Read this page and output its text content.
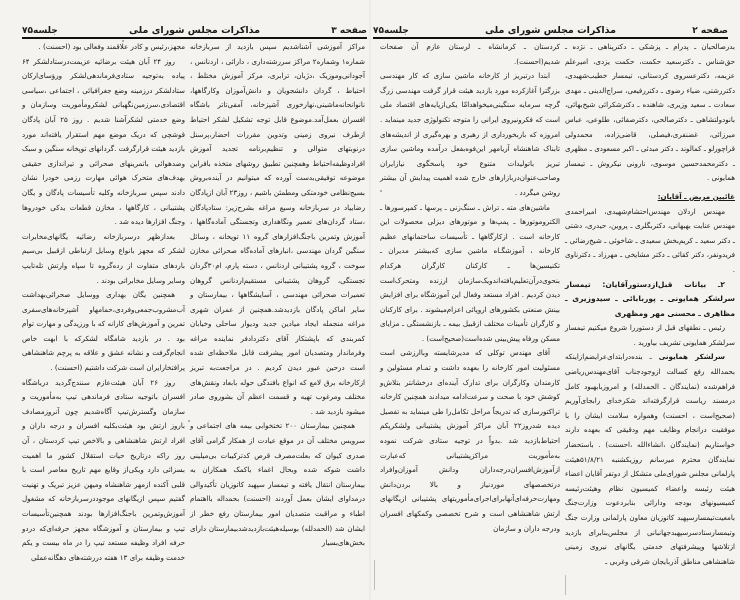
صفحه ۳
مذاکرات مجلس شورای ملی
جلسه۷۵

مراکز آموزشی آشناشدیم سپس بازدید از سربازخانه شماره۱ وشماره۲ مراکز سررشته‌داری ، دارائی ، اردنانس ، آجودانی‌وموزیک ،دژبان، ترابری، مرکز آموزش مختلط ، احتیاط ، گردان دانشجویان و دانش‌آموزان وکارگاهها، نانوانحانه‌ماشینی،نهارخوری آشپزخانه، آمفی‌تاتر باشگاه افسران بعمل‌آمد.موضوع قابل توجه تشکیل لشکر احتیاط ازطرف نیروی زمینی وتدوین مقررات احضار،پرسنل درنوبتهای متوالی و تنظیم‌برنامه تجدید آموزش افرادوظیفه‌احتیاط وهمچنین تطبیق روشهای متخذه بافراین موضوعه توفیقی‌بدست آورده که میتوانیم در آینده‌بروش بسیج‌نظامی خودمتکی ومطمئن باشیم ، روز۲۳ آبان ازپادگان رضاییاد در سربازخانه وسیع مراغه بشرح‌زیر: ستادپادگان ،ستاد گردان‌های تعمیر ونگاهداری وتجستگی آماده‌گاهها ، آموزش وتمرین باجنگ‌افزارهای گروه ۱۱ توپخانه ، وسائل سنگین گردان مهندسی ،انبارهای آماده‌گاه صحرائی مخازن سوخت ، گروه پشتیبانی اردنانس ، دسته پارم، ام۳۰گردان تجستگی، گروهان پشتیبانی مستقیم‌اردنانس گروهان تعمیرات صحرائی مهندسی ، آسایشگاهها ، بیمارستان و سایر اماکن پادگان بازدیدشد.همچنین از عمران شهری مراغه منجمله ایجاد میادین جدید ودیوار ساحلی وخیابان کمربندی که باپشتکار آقای دکتردادفر نماینده مراغه وفرماندار ومتصدیان امور پیشرفت قابل ملاحظه‌ای شده است درحین عبور دیدن کردیم . در مراجعت‌به تبریز ازکارخانه برق لامع که انواع بافندگی حوله بابعاد ونقش‌های مختلف ومرغوب تهیه و قسمت اعظم آن بشوروی صادر میشود بازدید شد .

همچنین بیمارستان ۲۰۰ تختخوابی بیمه های اجتماعی و سرویس مختلف آن در موقع عیادت از همکار گرامی آقای صدری کیوان که بعلت‌مصرف قرص کدترکیبات بی‌میلینی داشت شوکه شده وبحال اغماء باکمک همکاران به بیمارستان انتقال یافته و تیمسار سپهبد کاتوزیان تأکیدوالی درمداوای ایشان بعمل آوردند (احسنت) بحمداله بااهتمام اطباء و مراقبت متصدیان امور بیمارستان رفع خطر از ایشان شد (الحمدلله) بوسیله‌هیئت‌بازدیدشدبیمارستان دارای بخش‌های‌بسیار

مجهز،رئیس و کادر علاقمند وفعالی بود (احسنت) .

روز ۲۴ آبان هیئت برضائیه عزیمت‌درستادلشکر ۶۴ پیاده بەتوجیه ستادی‌فرماندهی‌لشکر ورؤسای‌ارکان ستادلشکر درزمینه وضع جغرافیائی ، اجتماعی ،سیاسی اقتصادی،سرزمین‌نگهبانی لشکرومأموریت وسازمان و وضع خدمتی لشکرآشنا شدیم . روز ۲۵ آبان پادگان قوشچی که دریک موضع مهم استقرار یافته‌اند مورد بازدید هیئت قرارگرفت .گردانهای توپخانه سنگین و سبک وضدهوائی باتمرینهای صحرائی و تیراندازی حقیقی بهدف‌های متحرک هوائی مهارت رزمی خودرا نشان دادند سپس سربازخانه وکلیه تأسیسات پادگان و یگان پشتیبانی ، کارگاهها ، مخازن قطعات یدکی خودروها وجنگ افزارها دیده شد .

بعدازظهر درسربازخانه رضائیه یگانهای‌مخابرات لشکر که مجهز بانواع وسایل ارتباطی ازقبیل بی‌سیم باردهای متفاوت از رده‌گروه تا سپاه وارتش تله‌تایپ وسایر وسایل مخابراتی بودند .

همچنین یگان بهداری ووسایل صحرائی‌بهداشت آب‌مشروب‌جمعی‌وفردی،حمامهاو آشپزخانه‌های‌سفری تمرین و آموزش‌های کارانه که با ورزیدگی و مهارت توأم بود . در بازدید شامگاه لشکرکه با ابهت خاص انجام‌گرفت و نشانه عشق و علاقه به پرچم شاهنشاهی پرافتخارایران است شرکت داشتیم (احسنت) .

روز ۲۶ آبان هیئت‌عازم سنندج‌گردید دریاشگاه افسران باتوجیه ستادی فرماندهی تیپ بەمأموریت و سازمان وگسترش‌تیپ آگاه‌شدیم چون آنروزمصادف باروز ارتش بود هیئت‌بکلیه افسران و درجه داران و افراد ارتش شاهنشاهی و بالاخص تیپ کردستان ، آن روز راکه درتاریخ حیات استقلال کشور ما اهمیت بسزائی دارد ویکی‌از وقایع مهم تاریخ معاصر است با قلبی آکنده ازمهر شاهنشاه ومیهن عزیز تبریک و تهنیت گفتیم سپس ازیگانهای موجوددرسربازخانه که مشغول آموزش‌وتمرین باجنگ‌افزارها بودند همچنین‌تأسیسات تیپ و بیمارستان و آموزشگاه مجهز حرفه‌ای‌که دردو حرفه افراد وظیفه مستعد تیپ را در ماه بیست و یکم خدمت وظیفه برای ۱۳ هفته دررشته‌های دهگانه‌عملی

صفحه ۲
مذاکرات مجلس شورای ملی
جلسه۷۵

بدرصالحیان ـ پدرام ـ پزشکی ـ دکترپناهی ـ نژده ـ حق‌شناس ـ دکترسعید حکمت، حکمت یزدی، امیرعلم عزیمه، دکترعسروی کردستانی، تیمسار خطیب‌شهیدی، دکتررشتی، ضیاء رضوی ـ دکتررفیعی، سراج‌الدینی ـ مهدی سعادت ـ سعید وزیری، شاهنده ـ دکترشکرائی شیخ‌بهائی، بانودولتشاهی ـ دکترصالحی، دکترصفائی، طلوعی، عباس میرزائی، غضنفری،فیصلی، قاضی‌زاده، محمدولی قراچورلو ـ کمالوند ـ دکتر مبدئی ـ اکبر مسعودی ـ مظهری ـ دکترمحمدحسین موسوی، نارونی نیکروش ـ تیمسار همایونی .

غائبین مریض ـ آقایان:

مهندس اردلان مهندس‌احتشام‌شهیدی، امیراحمدی مهندس عنایت بهبهانی، دکتربگلری ـ پروین، حیدری، دشتی ـ دکتر سعید ـ کریم‌بخش سعیدی ـ شاخوئی ـ شیخ‌رضائی ـ فریدونفر، دکتر کفائی ـ دکتر مشایخی ـ مهرزاد ـ دکترناوی .

۲ـ بیانات قبل‌ازدستورآقایان: تیمسار سرلشکر همایونی ـ پوربابائی ـ سیدوزیری ـ مظاهری ـ محسنی مهر ومظهری

رئیس ـ نطقهای قبل از دستوررا شروع میکنیم تیمسار سرلشکر همایونی تشریف بیاورید .

سرلشکر همایونی ـ بنده‌درابتدای‌عرایضم‌ازاینکه بحمدالله رفع کسالت ازوجود‌جناب آقای‌مهندس‌ریاضی فراهم‌شده (نمایندگان ـ الحمدلله) و امروزبابهبود کامل درمسند ریاست قرارگرفته‌اند شکرخدای رابجای‌آوریم (صحیح‌است ، احسنت) وهمواره سلامت ایشان را با موفقیت درانجام وظایف مهم ودقیقی که بعهده دارند خواستاریم (نمایندگان ،انشاءالله ،احسنت) . باستحضار نمایندگان محترم میرسانم روزیکشنبه ۵۱/۸/۲۱هیئت پارلمانی مجلس شورای‌ملی متشکل از دوتفر آقایان اعضاء هیئت رئیسه واعضاء کمیسیون نظام وهیئت‌رئیسه کمیسیونهای بودجه ودارائی بنابردعوت وزارت‌جنگ بامعیت‌تیمسارسپهبد کاتوزیان معاون پارلمانی وزارت جنگ وتیمسارستادسرسپهبدجهانبانی از مجلس‌بنابرای بازدید ازتلاشها وپیشرفتهای خدمتی یگانهای نیروی زمینی شاهنشاهی مناطق آذربایجان شرقی وغربی ـ

کردستان ـ کرمانشاه ـ لرستان عازم آن صفحات شدیم(احسنت).

ابتدا درتبریز از کارخانه ماشین سازی که کار مهندسی بزرگترا آغازکرده مورد بازدید هیئت قرار گرفت مهندسی زرگ گرچه سرمایه سنگینی‌میخواهدامّا یکی‌ازپایه‌های اقتصاد ملی است که فکرونیروی ایرانی را متوجه تکنولوژی جدید مینماید . امروزه که باربخورداری از رهبری و بهره‌گیری از اندیشه‌های تابناک شاهنشاه آریامهر این‌فوه‌بفعل درآمده وماشین سازی تبریز باتولیدات متنوع خود پاسخگوی نیازایران وصاحب‌عنوان‌دربازارهای خارج شده اهمیت پیدایش آن بیشتر روشن میگردد .

ماشین‌های مته ـ تراش ـ سنگ‌زنی ـ پرسها ـ کمپرسورها ـ الکتروموتورها ـ پمپ‌ها و موتورهای دیزلی محصولات این کارخانه است . ازکارگاهها ـ تأسیسات ساختمانهای عظیم کارخانه ، آموزشگـاه ماشین سازی کەبیشتر مدیران ـ تکنیسین‌ها ـ کارکنان کارگران هرکدام بنحوی‌درآن‌تعلیم‌یافته‌اندویک‌سازمان ارزنده ومتحرک‌است دیدن کردیم . افراد مستعد وفعال این آموزشگاه برای افزایش بینش صنعتی بکشورهای اروپائی اعزام‌میشوند . برای کارکنان و کارگران تأمینات مختلف ازقبیل بیمه ـ بازنشستگی ـ مزایای مسکن ورفاه پیش‌بینی شده‌است(صحیح‌است) .

آقای مهندس توکلی که مدیرشایسته وباارزشی است مسئولیت امور کارخانه را بعهده داشت و تمـام مسئولین و کارمندان وکارگران برای تدارک آینده‌ای درخشانتر بتلاش‌و کوشش خود با صحت و سرعت‌ادامه میدادند همچنین کارخانه تراکتورسازی که تدریجاً مراحل تکامل‌را طی مینماید به تفصیل دیده شدروز۲۲ آبان مراکز آموزش پشتیبانی ولشکرپکم احتیاط‌بازدید شد .بدواً در توجیه ستادی شرکت نموده بەمأموریت مراکزپشتیبانی که‌عبارت ازآموزش‌افسران‌درجه‌داران ودانش آموزان‌وافراد درتخصصهای موردنیاز و بالا بردن‌دانش ومهارت‌حرفه‌ای‌آنهابرای‌اجرای‌مأموریتهای پشتیبانی ازیگانهای ارتش شاهنشاهی است و شرح تخصصی وکمکهای افسران ودرجه داران و سازمان
